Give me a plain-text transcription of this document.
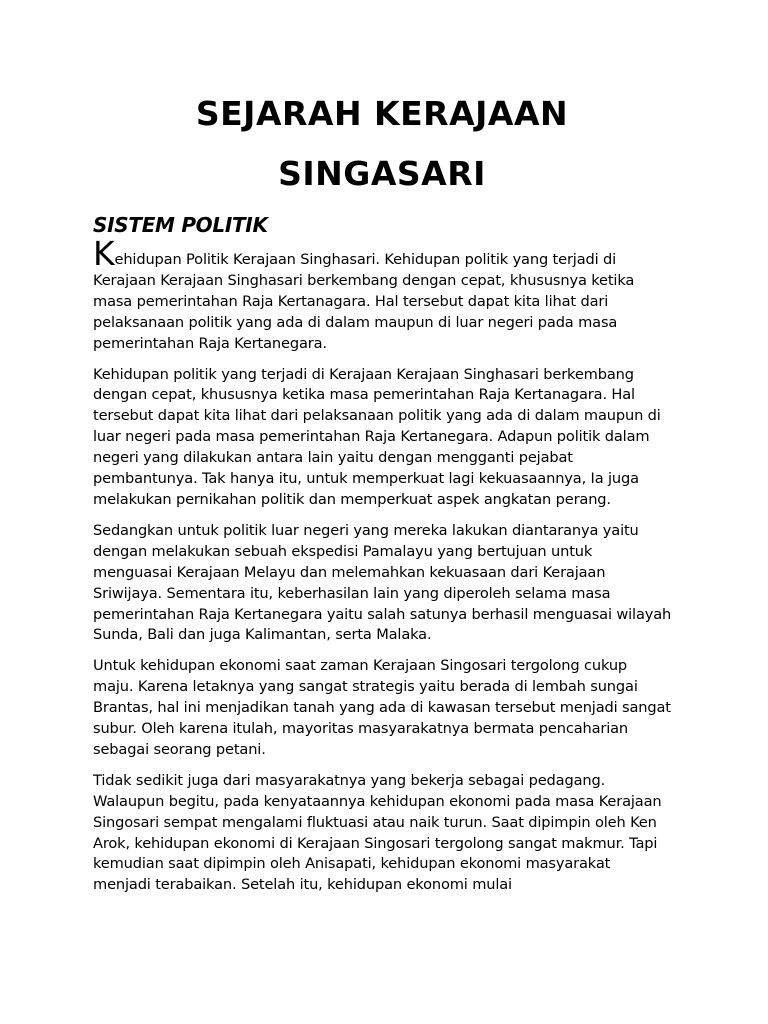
SEJARAH KERAJAAN
SINGASARI
SISTEM POLITIK

Kehidupan Politik Kerajaan Singhasari. Kehidupan politik yang terjadi di
Kerajaan Kerajaan Singhasari berkembang dengan cepat, khususnya ketika
masa pemerintahan Raja Kertanagara. Hal tersebut dapat kita lihat dari
pelaksanaan politik yang ada di dalam maupun di luar negeri pada masa
pemerintahan Raja Kertanegara.

Kehidupan politik yang terjadi di Kerajaan Kerajaan Singhasari berkembang
dengan cepat, khususnya ketika masa pemerintahan Raja Kertanagara. Hal
tersebut dapat kita lihat dari pelaksanaan politik yang ada di dalam maupun di
luar negeri pada masa pemerintahan Raja Kertanegara. Adapun politik dalam
negeri yang dilakukan antara lain yaitu dengan mengganti pejabat
pembantunya. Tak hanya itu, untuk memperkuat lagi kekuasaannya, Ia juga
melakukan pernikahan politik dan memperkuat aspek angkatan perang.

Sedangkan untuk politik luar negeri yang mereka lakukan diantaranya yaitu
dengan melakukan sebuah ekspedisi Pamalayu yang bertujuan untuk
menguasai Kerajaan Melayu dan melemahkan kekuasaan dari Kerajaan
Sriwijaya. Sementara itu, keberhasilan lain yang diperoleh selama masa
pemerintahan Raja Kertanegara yaitu salah satunya berhasil menguasai wilayah
Sunda, Bali dan juga Kalimantan, serta Malaka.

Untuk kehidupan ekonomi saat zaman Kerajaan Singosari tergolong cukup
maju. Karena letaknya yang sangat strategis yaitu berada di lembah sungai
Brantas, hal ini menjadikan tanah yang ada di kawasan tersebut menjadi sangat
subur. Oleh karena itulah, mayoritas masyarakatnya bermata pencaharian
sebagai seorang petani.

Tidak sedikit juga dari masyarakatnya yang bekerja sebagai pedagang.
Walaupun begitu, pada kenyataannya kehidupan ekonomi pada masa Kerajaan
Singosari sempat mengalami fluktuasi atau naik turun. Saat dipimpin oleh Ken
Arok, kehidupan ekonomi di Kerajaan Singosari tergolong sangat makmur. Tapi
kemudian saat dipimpin oleh Anisapati, kehidupan ekonomi masyarakat
menjadi terabaikan. Setelah itu, kehidupan ekonomi mulai
